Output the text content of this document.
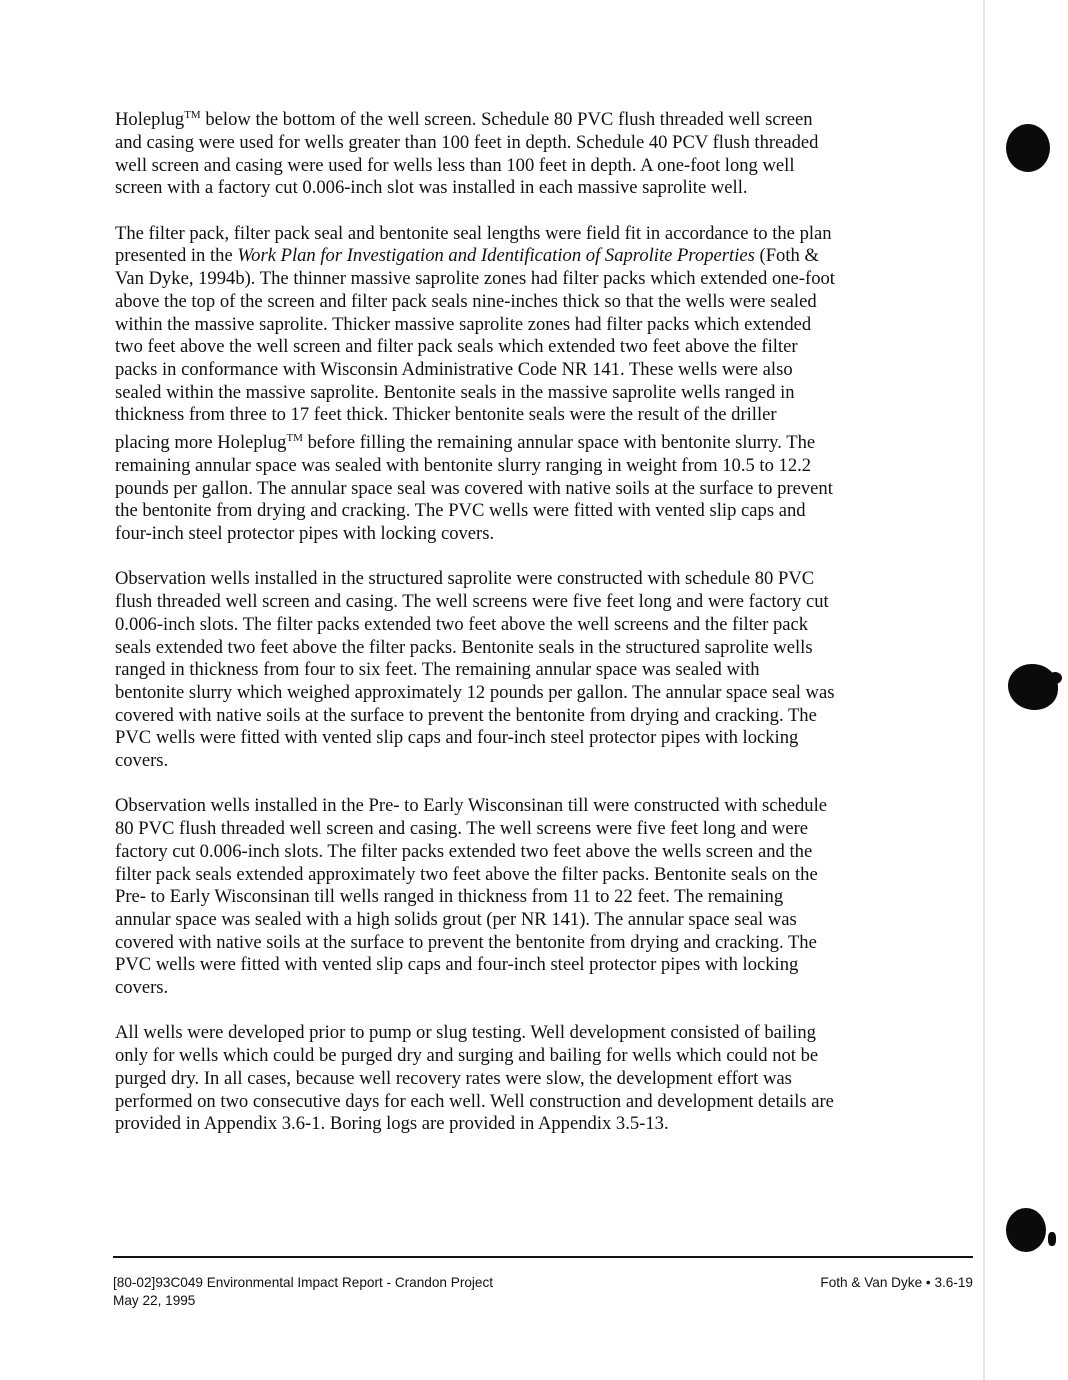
Holeplug™ below the bottom of the well screen. Schedule 80 PVC flush threaded well screen
and casing were used for wells greater than 100 feet in depth. Schedule 40 PCV flush threaded
well screen and casing were used for wells less than 100 feet in depth. A one-foot long well
screen with a factory cut 0.006-inch slot was installed in each massive saprolite well.

The filter pack, filter pack seal and bentonite seal lengths were field fit in accordance to the plan
presented in the Work Plan for Investigation and Identification of Saprolite Properties (Foth &
Van Dyke, 1994b). The thinner massive saprolite zones had filter packs which extended one-foot
above the top of the screen and filter pack seals nine-inches thick so that the wells were sealed
within the massive saprolite. Thicker massive saprolite zones had filter packs which extended
two feet above the well screen and filter pack seals which extended two feet above the filter
packs in conformance with Wisconsin Administrative Code NR 141. These wells were also
sealed within the massive saprolite. Bentonite seals in the massive saprolite wells ranged in
thickness from three to 17 feet thick. Thicker bentonite seals were the result of the driller
placing more Holeplug™ before filling the remaining annular space with bentonite slurry. The
remaining annular space was sealed with bentonite slurry ranging in weight from 10.5 to 12.2
pounds per gallon. The annular space seal was covered with native soils at the surface to prevent
the bentonite from drying and cracking. The PVC wells were fitted with vented slip caps and
four-inch steel protector pipes with locking covers.

Observation wells installed in the structured saprolite were constructed with schedule 80 PVC
flush threaded well screen and casing. The well screens were five feet long and were factory cut
0.006-inch slots. The filter packs extended two feet above the well screens and the filter pack
seals extended two feet above the filter packs. Bentonite seals in the structured saprolite wells
ranged in thickness from four to six feet. The remaining annular space was sealed with
bentonite slurry which weighed approximately 12 pounds per gallon. The annular space seal was
covered with native soils at the surface to prevent the bentonite from drying and cracking. The
PVC wells were fitted with vented slip caps and four-inch steel protector pipes with locking
covers.

Observation wells installed in the Pre- to Early Wisconsinan till were constructed with schedule
80 PVC flush threaded well screen and casing. The well screens were five feet long and were
factory cut 0.006-inch slots. The filter packs extended two feet above the wells screen and the
filter pack seals extended approximately two feet above the filter packs. Bentonite seals on the
Pre- to Early Wisconsinan till wells ranged in thickness from 11 to 22 feet. The remaining
annular space was sealed with a high solids grout (per NR 141). The annular space seal was
covered with native soils at the surface to prevent the bentonite from drying and cracking. The
PVC wells were fitted with vented slip caps and four-inch steel protector pipes with locking
covers.

All wells were developed prior to pump or slug testing. Well development consisted of bailing
only for wells which could be purged dry and surging and bailing for wells which could not be
purged dry. In all cases, because well recovery rates were slow, the development effort was
performed on two consecutive days for each well. Well construction and development details are
provided in Appendix 3.6-1. Boring logs are provided in Appendix 3.5-13.

[80-02]93C049 Environmental Impact Report - Crandon Project
May 22, 1995
Foth & Van Dyke • 3.6-19
